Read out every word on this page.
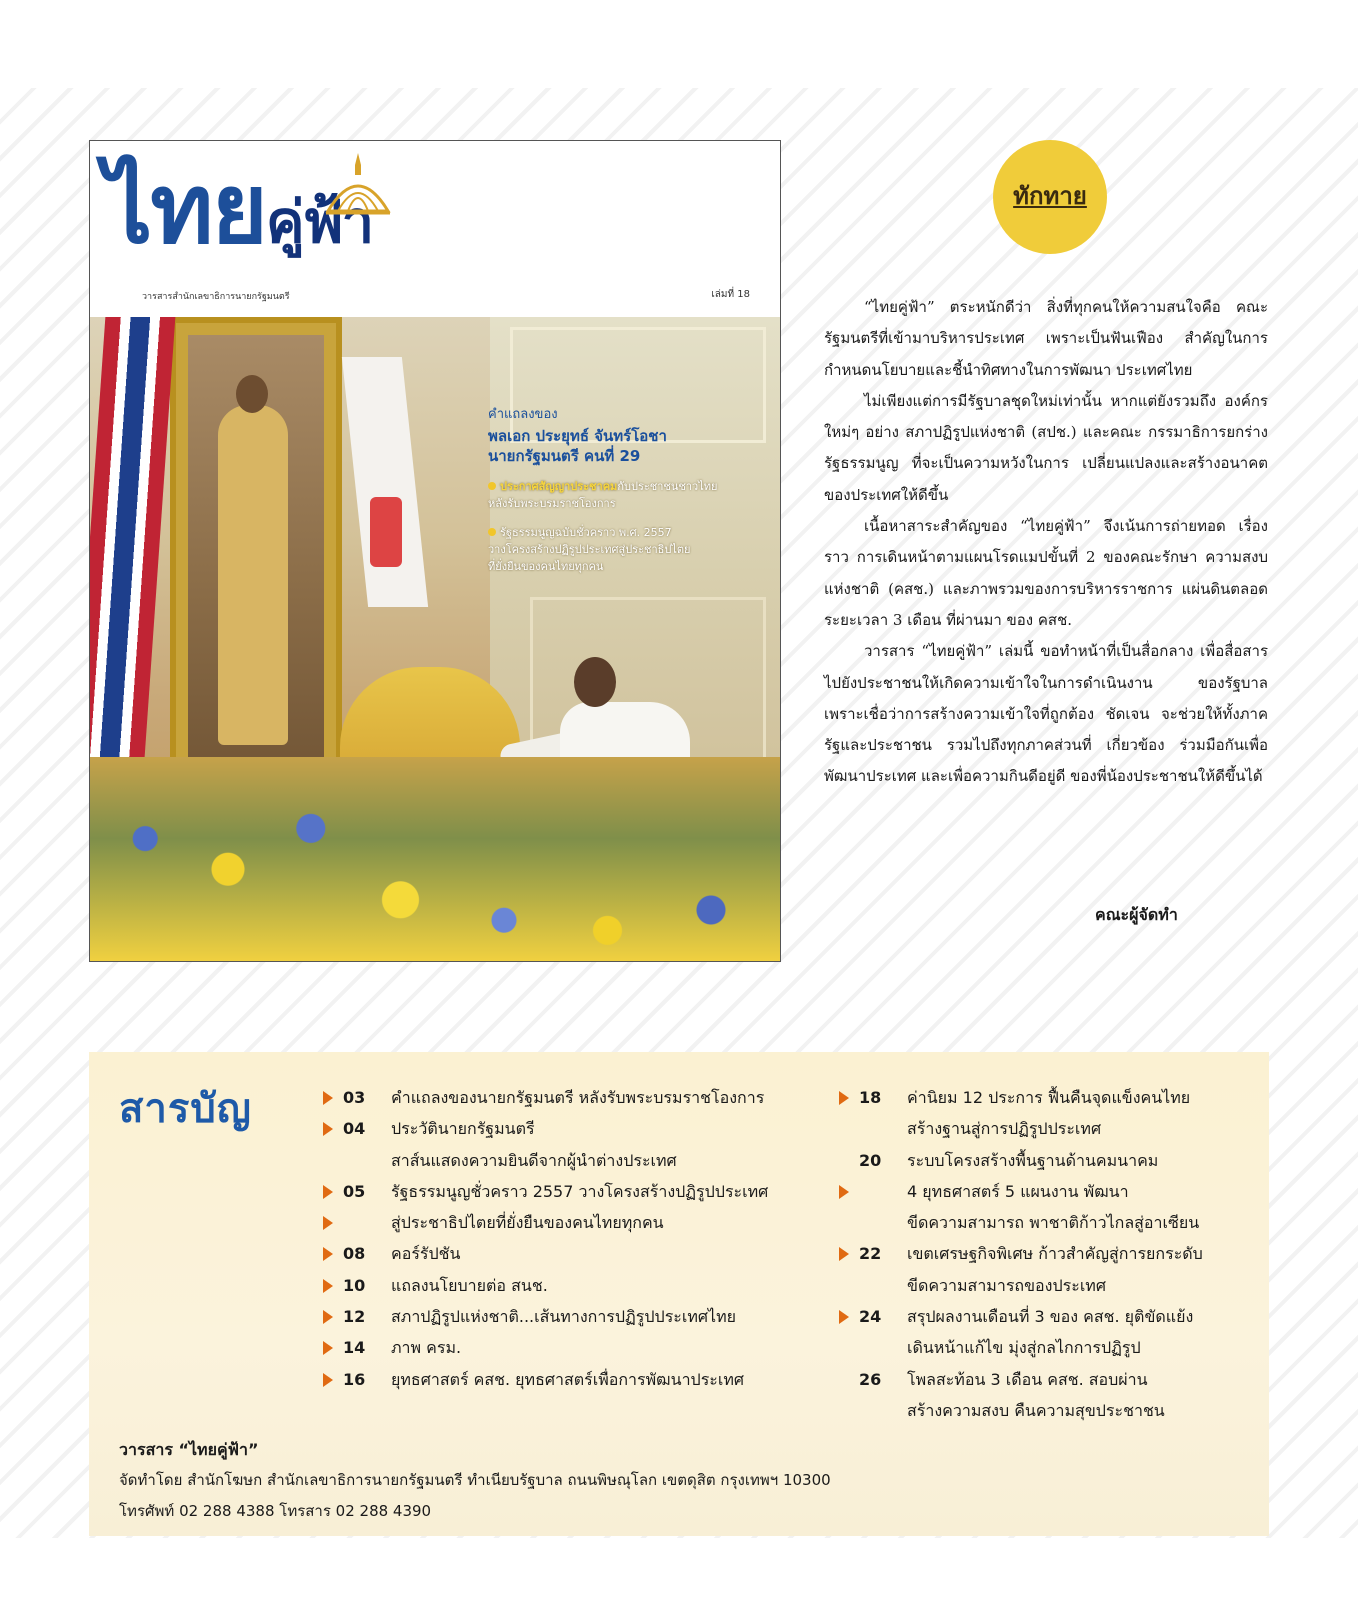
ไทยคู่ฟ้า
วารสารสำนักเลขาธิการนายกรัฐมนตรี	เล่มที่ 18
คำแถลงของ
พลเอก ประยุทธ์ จันทร์โอชา
นายกรัฐมนตรี คนที่ 29
ประกาศสัญญาประชาคมกับประชาชนชาวไทย
หลังรับพระบรมราชโองการ
รัฐธรรมนูญฉบับชั่วคราว พ.ศ. 2557
วางโครงสร้างปฏิรูปประเทศสู่ประชาธิปไตย
ที่ยั่งยืนของคนไทยทุกคน
ทักทาย

“ไทยคู่ฟ้า” ตระหนักดีว่า สิ่งที่ทุกคนให้ความสนใจคือ คณะรัฐมนตรีที่เข้ามาบริหารประเทศ เพราะเป็นฟันเฟือง สำคัญในการกำหนดนโยบายและชี้นำทิศทางในการพัฒนา ประเทศไทย

ไม่เพียงแต่การมีรัฐบาลชุดใหม่เท่านั้น หากแต่ยังรวมถึง องค์กรใหม่ๆ อย่าง สภาปฏิรูปแห่งชาติ (สปช.) และคณะ กรรมาธิการยกร่างรัฐธรรมนูญ ที่จะเป็นความหวังในการ เปลี่ยนแปลงและสร้างอนาคตของประเทศให้ดีขึ้น

เนื้อหาสาระสำคัญของ “ไทยคู่ฟ้า” จึงเน้นการถ่ายทอด เรื่องราว การเดินหน้าตามแผนโรดแมปขั้นที่ 2 ของคณะรักษา ความสงบแห่งชาติ (คสช.) และภาพรวมของการบริหารราชการ แผ่นดินตลอดระยะเวลา 3 เดือน ที่ผ่านมา ของ คสช.

วารสาร “ไทยคู่ฟ้า” เล่มนี้ ขอทำหน้าที่เป็นสื่อกลาง เพื่อสื่อสารไปยังประชาชนให้เกิดความเข้าใจในการดำเนินงาน ของรัฐบาล เพราะเชื่อว่าการสร้างความเข้าใจที่ถูกต้อง ชัดเจน จะช่วยให้ทั้งภาครัฐและประชาชน รวมไปถึงทุกภาคส่วนที่ เกี่ยวข้อง ร่วมมือกันเพื่อพัฒนาประเทศ และเพื่อความกินดีอยู่ดี ของพี่น้องประชาชนให้ดีขึ้นได้

คณะผู้จัดทำ
สารบัญ	03	คำแถลงของนายกรัฐมนตรี หลังรับพระบรมราชโองการ
04	ประวัตินายกรัฐมนตรี
สาส์นแสดงความยินดีจากผู้นำต่างประเทศ
05	รัฐธรรมนูญชั่วคราว 2557 วางโครงสร้างปฏิรูปประเทศ
สู่ประชาธิปไตยที่ยั่งยืนของคนไทยทุกคน
08	คอร์รัปชัน
10	แถลงนโยบายต่อ สนช.
12	สภาปฏิรูปแห่งชาติ...เส้นทางการปฏิรูปประเทศไทย
14	ภาพ ครม.
16	ยุทธศาสตร์ คสช. ยุทธศาสตร์เพื่อการพัฒนาประเทศ
18	ค่านิยม 12 ประการ ฟื้นคืนจุดแข็งคนไทย
สร้างฐานสู่การปฏิรูปประเทศ
20	ระบบโครงสร้างพื้นฐานด้านคมนาคม
4 ยุทธศาสตร์ 5 แผนงาน พัฒนา
ขีดความสามารถ พาชาติก้าวไกลสู่อาเซียน
22	เขตเศรษฐกิจพิเศษ ก้าวสำคัญสู่การยกระดับ
ขีดความสามารถของประเทศ
24	สรุปผลงานเดือนที่ 3 ของ คสช. ยุติขัดแย้ง
เดินหน้าแก้ไข มุ่งสู่กลไกการปฏิรูป
26	โพลสะท้อน 3 เดือน คสช. สอบผ่าน
สร้างความสงบ คืนความสุขประชาชน
วารสาร “ไทยคู่ฟ้า”
จัดทำโดย สำนักโฆษก สำนักเลขาธิการนายกรัฐมนตรี ทำเนียบรัฐบาล ถนนพิษณุโลก เขตดุสิต กรุงเทพฯ 10300
โทรศัพท์ 02 288 4388 โทรสาร 02 288 4390
